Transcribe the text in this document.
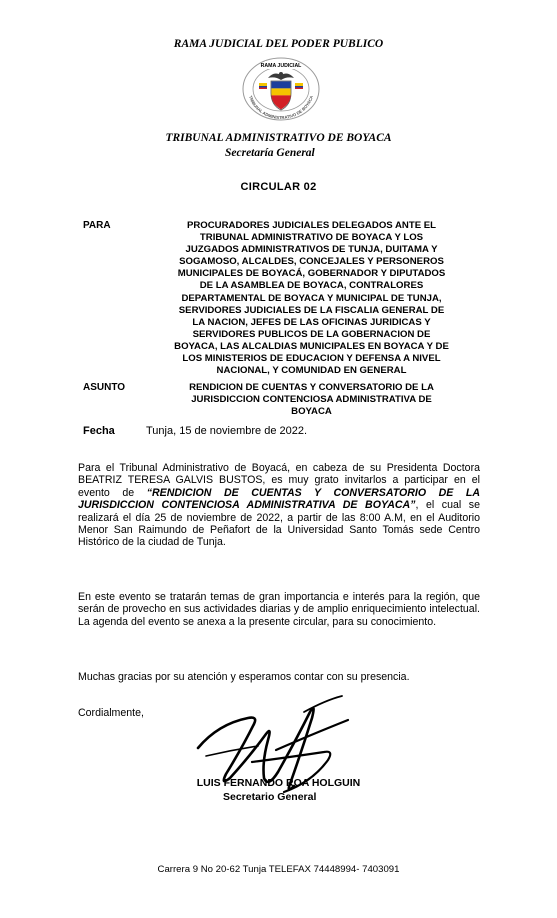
RAMA JUDICIAL DEL PODER PUBLICO
TRIBUNAL ADMINISTRATIVO DE BOYACA
RAMA JUDICIAL
TRIBUNAL ADMINISTRATIVO DE BOYACA
Secretaría General
CIRCULAR 02
PARA	PROCURADORES JUDICIALES DELEGADOS ANTE EL
TRIBUNAL ADMINISTRATIVO DE BOYACA Y LOS
JUZGADOS ADMINISTRATIVOS DE TUNJA, DUITAMA Y
SOGAMOSO, ALCALDES, CONCEJALES Y PERSONEROS
MUNICIPALES DE BOYACÁ, GOBERNADOR Y DIPUTADOS
DE LA ASAMBLEA DE BOYACA, CONTRALORES
DEPARTAMENTAL DE BOYACA Y MUNICIPAL DE TUNJA,
SERVIDORES JUDICIALES DE LA FISCALIA GENERAL DE
LA NACION, JEFES DE LAS OFICINAS JURIDICAS Y
SERVIDORES PUBLICOS DE LA GOBERNACION DE
BOYACA, LAS ALCALDIAS MUNICIPALES EN BOYACA Y DE
LOS MINISTERIOS DE EDUCACION Y DEFENSA A NIVEL
NACIONAL, Y COMUNIDAD EN GENERAL
ASUNTO	RENDICION DE CUENTAS Y CONVERSATORIO DE LA
JURISDICCION CONTENCIOSA ADMINISTRATIVA DE
BOYACA
Fecha	Tunja, 15 de noviembre de 2022.
Para el Tribunal Administrativo de Boyacá, en cabeza de su Presidenta Doctora BEATRIZ TERESA GALVIS BUSTOS, es muy grato invitarlos a participar en el evento de “RENDICION DE CUENTAS Y CONVERSATORIO DE LA JURISDICCION CONTENCIOSA ADMINISTRATIVA DE BOYACA”, el cual se realizará el día 25 de noviembre de 2022, a partir de las 8:00 A.M, en el Auditorio Menor San Raimundo de Peñafort de la Universidad Santo Tomás sede Centro Histórico de la ciudad de Tunja.
En este evento se tratarán temas de gran importancia e interés para la región, que serán de provecho en sus actividades diarias y de amplio enriquecimiento intelectual. La agenda del evento se anexa a la presente circular, para su conocimiento.
Muchas gracias por su atención y esperamos contar con su presencia.
Cordialmente,
LUIS FERNANDO ROA HOLGUIN
Secretario General
Carrera 9 No 20-62 Tunja TELEFAX 74448994- 7403091
